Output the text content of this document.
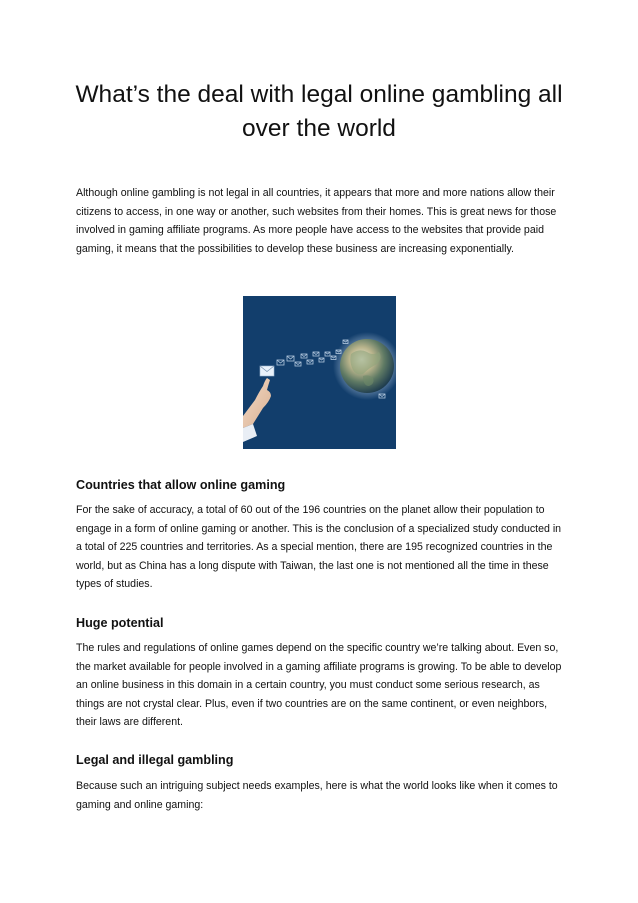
What’s the deal with legal online gambling all over the world

Although online gambling is not legal in all countries, it appears that more and more nations allow their citizens to access, in one way or another, such websites from their homes. This is great news for those involved in gaming affiliate programs. As more people have access to the websites that provide paid gaming, it means that the possibilities to develop these business are increasing exponentially.

Countries that allow online gaming

For the sake of accuracy, a total of 60 out of the 196 countries on the planet allow their population to engage in a form of online gaming or another. This is the conclusion of a specialized study conducted in a total of 225 countries and territories. As a special mention, there are 195 recognized countries in the world, but as China has a long dispute with Taiwan, the last one is not mentioned all the time in these types of studies.

Huge potential

The rules and regulations of online games depend on the specific country we’re talking about. Even so, the market available for people involved in a gaming affiliate programs is growing. To be able to develop an online business in this domain in a certain country, you must conduct some serious research, as things are not crystal clear. Plus, even if two countries are on the same continent, or even neighbors, their laws are different.

Legal and illegal gambling

Because such an intriguing subject needs examples, here is what the world looks like when it comes to gaming and online gaming:
